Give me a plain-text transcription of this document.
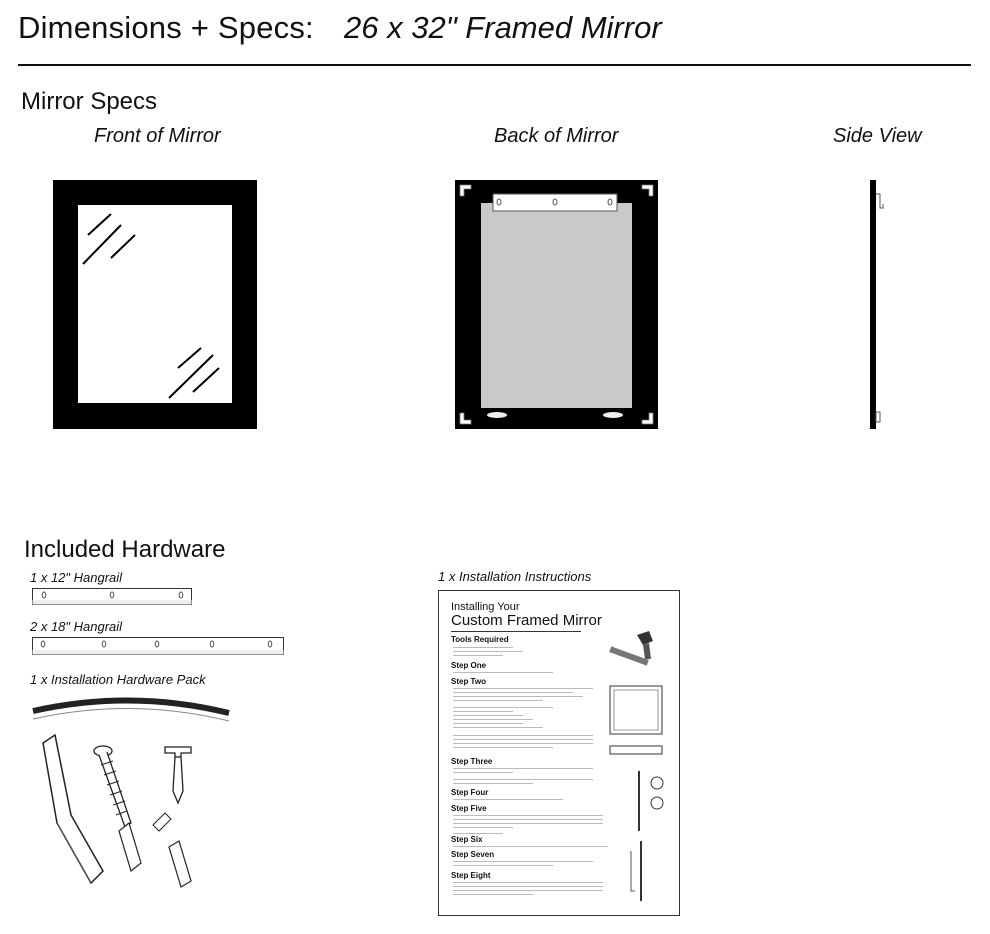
Dimensions + Specs: 26 x 32" Framed Mirror
Mirror Specs
Front of Mirror	Back of Mirror	Side View
Included Hardware
1 x 12" Hangrail
2 x 18" Hangrail
1 x Installation Hardware Pack
1 x Installation Instructions
Installing Your
Custom Framed Mirror
Tools Required
Step One
Step Two
Step Three
Step Four
Step Five
Step Six
Step Seven
Step Eight
